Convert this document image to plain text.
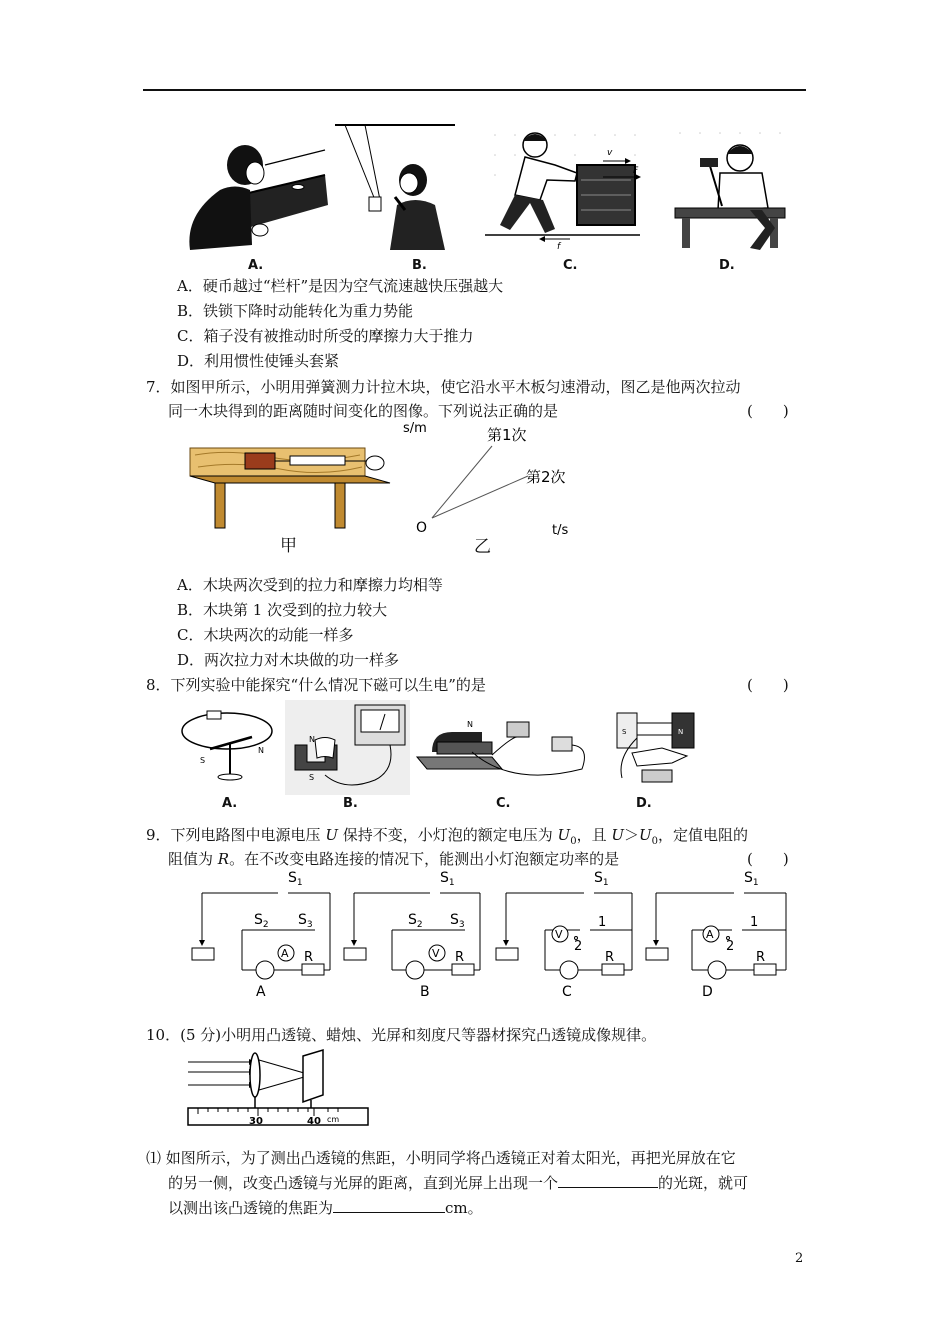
v
F
f
A.	B.	C.	D.
A．硬币越过“栏杆”是因为空气流速越快压强越大
B．铁锁下降时动能转化为重力势能
C．箱子没有被推动时所受的摩擦力大于推力
D．利用惯性使锤头套紧
7．如图甲所示，小明用弹簧测力计拉木块，使它沿水平木板匀速滑动，图乙是他两次拉动
同一木块得到的距离随时间变化的图像。下列说法正确的是	(　　)
甲
s/m	第1次
第2次
O	t/s
乙
A．木块两次受到的拉力和摩擦力均相等
B．木块第 1 次受到的拉力较大
C．木块两次的动能一样多
D．两次拉力对木块做的功一样多
8．下列实验中能探究“什么情况下磁可以生电”的是	(　　)
S
N
N
S
N
S	N
A.	B.	C.	D.
9．下列电路图中电源电压 U 保持不变，小灯泡的额定电压为 $U_0$，且 $U>U_0$，定值电阻的
阻值为 R。在不改变电路连接的情况下，能测出小灯泡额定功率的是	(　　)
$S_1$
A
$S_2$ $S_3$
R
A
$S_1$
V
$S_2$ $S_3$
R
B
$S_1$
V
1
2
R
C
$S_1$
A
1
2
R
D
10．(5 分)小明用凸透镜、蜡烛、光屏和刻度尺等器材探究凸透镜成像规律。
30	40 cm
⑴ 如图所示，为了测出凸透镜的焦距，小明同学将凸透镜正对着太阳光，再把光屏放在它
的另一侧，改变凸透镜与光屏的距离，直到光屏上出现一个	的光斑，就可
以测出该凸透镜的焦距为	cm。
2
